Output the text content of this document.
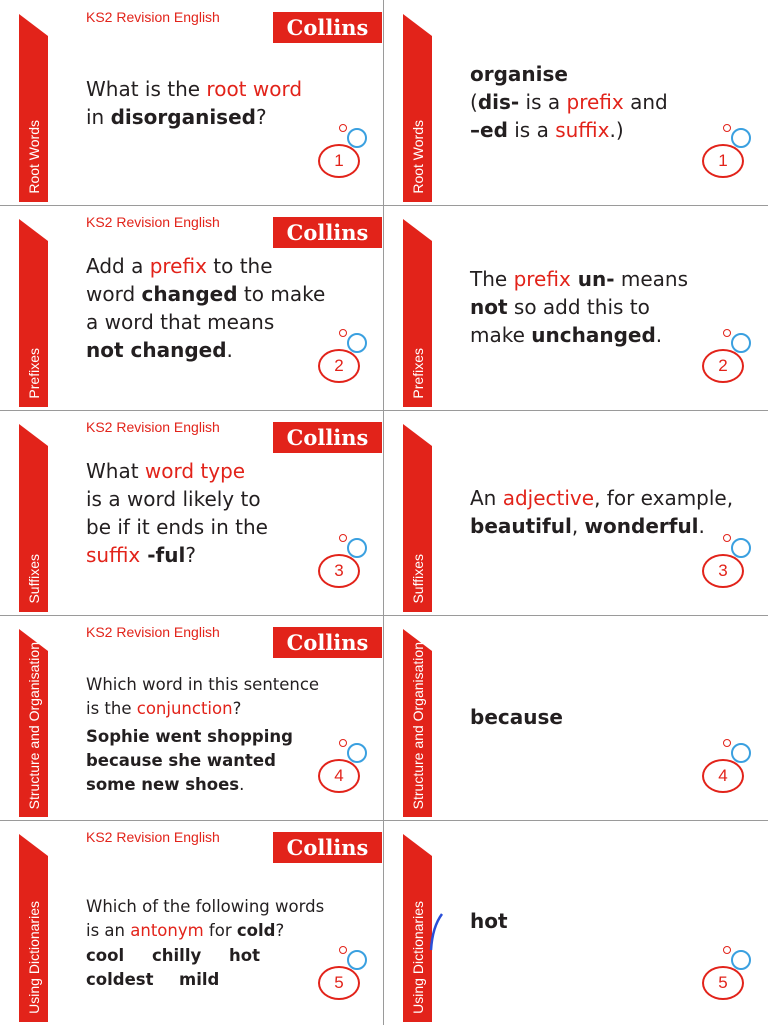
Root Words
KS2 Revision English	Collins
What is the root word
in disorganised?
1	Root Words
organise
(dis- is a prefix and
–ed is a suffix.)
1
Prefixes
KS2 Revision English	Collins
Add a prefix to the
word changed to make
a word that means
not changed.
2	Prefixes
The prefix un- means
not so add this to
make unchanged.
2
Suffixes
KS2 Revision English	Collins
What word type
is a word likely to
be if it ends in the
suffix -ful?
3	Suffixes
An adjective, for example,
beautiful, wonderful.
3
Structure and Organisation
KS2 Revision English	Collins
Which word in this sentence
is the conjunction?
Sophie went shopping
because she wanted
some new shoes.	4	Structure and Organisation because
4
Using Dictionaries
KS2 Revision English	Collins
Which of the following words
is an antonym for cold?
cool chilly hot
coldest mild	5	Using Dictionaries hot
5
